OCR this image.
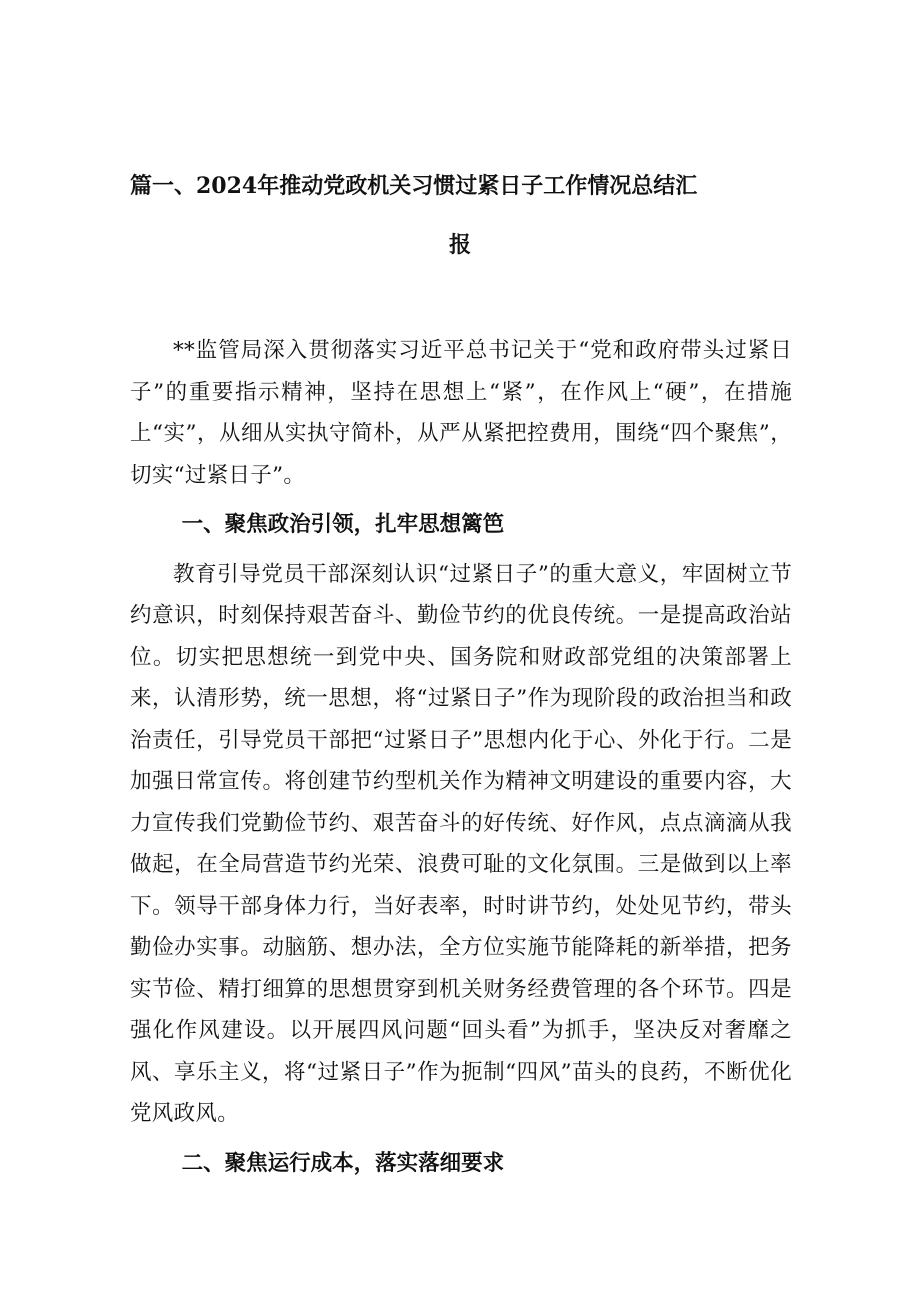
篇一、2024年推动党政机关习惯过紧日子工作情况总结汇
报

**监管局深入贯彻落实习近平总书记关于“党和政府带头过紧日子”的重要指示精神，坚持在思想上“紧”，在作风上“硬”，在措施上“实”，从细从实执守简朴，从严从紧把控费用，围绕“四个聚焦”，切实“过紧日子”。

一、聚焦政治引领，扎牢思想篱笆

教育引导党员干部深刻认识“过紧日子”的重大意义，牢固树立节约意识，时刻保持艰苦奋斗、勤俭节约的优良传统。一是提高政治站位。切实把思想统一到党中央、国务院和财政部党组的决策部署上来，认清形势，统一思想，将“过紧日子”作为现阶段的政治担当和政治责任，引导党员干部把“过紧日子”思想内化于心、外化于行。二是加强日常宣传。将创建节约型机关作为精神文明建设的重要内容，大力宣传我们党勤俭节约、艰苦奋斗的好传统、好作风，点点滴滴从我做起，在全局营造节约光荣、浪费可耻的文化氛围。三是做到以上率下。领导干部身体力行，当好表率，时时讲节约，处处见节约，带头勤俭办实事。动脑筋、想办法，全方位实施节能降耗的新举措，把务实节俭、精打细算的思想贯穿到机关财务经费管理的各个环节。四是强化作风建设。以开展四风问题“回头看”为抓手，坚决反对奢靡之风、享乐主义，将“过紧日子”作为扼制“四风”苗头的良药，不断优化党风政风。

二、聚焦运行成本，落实落细要求
